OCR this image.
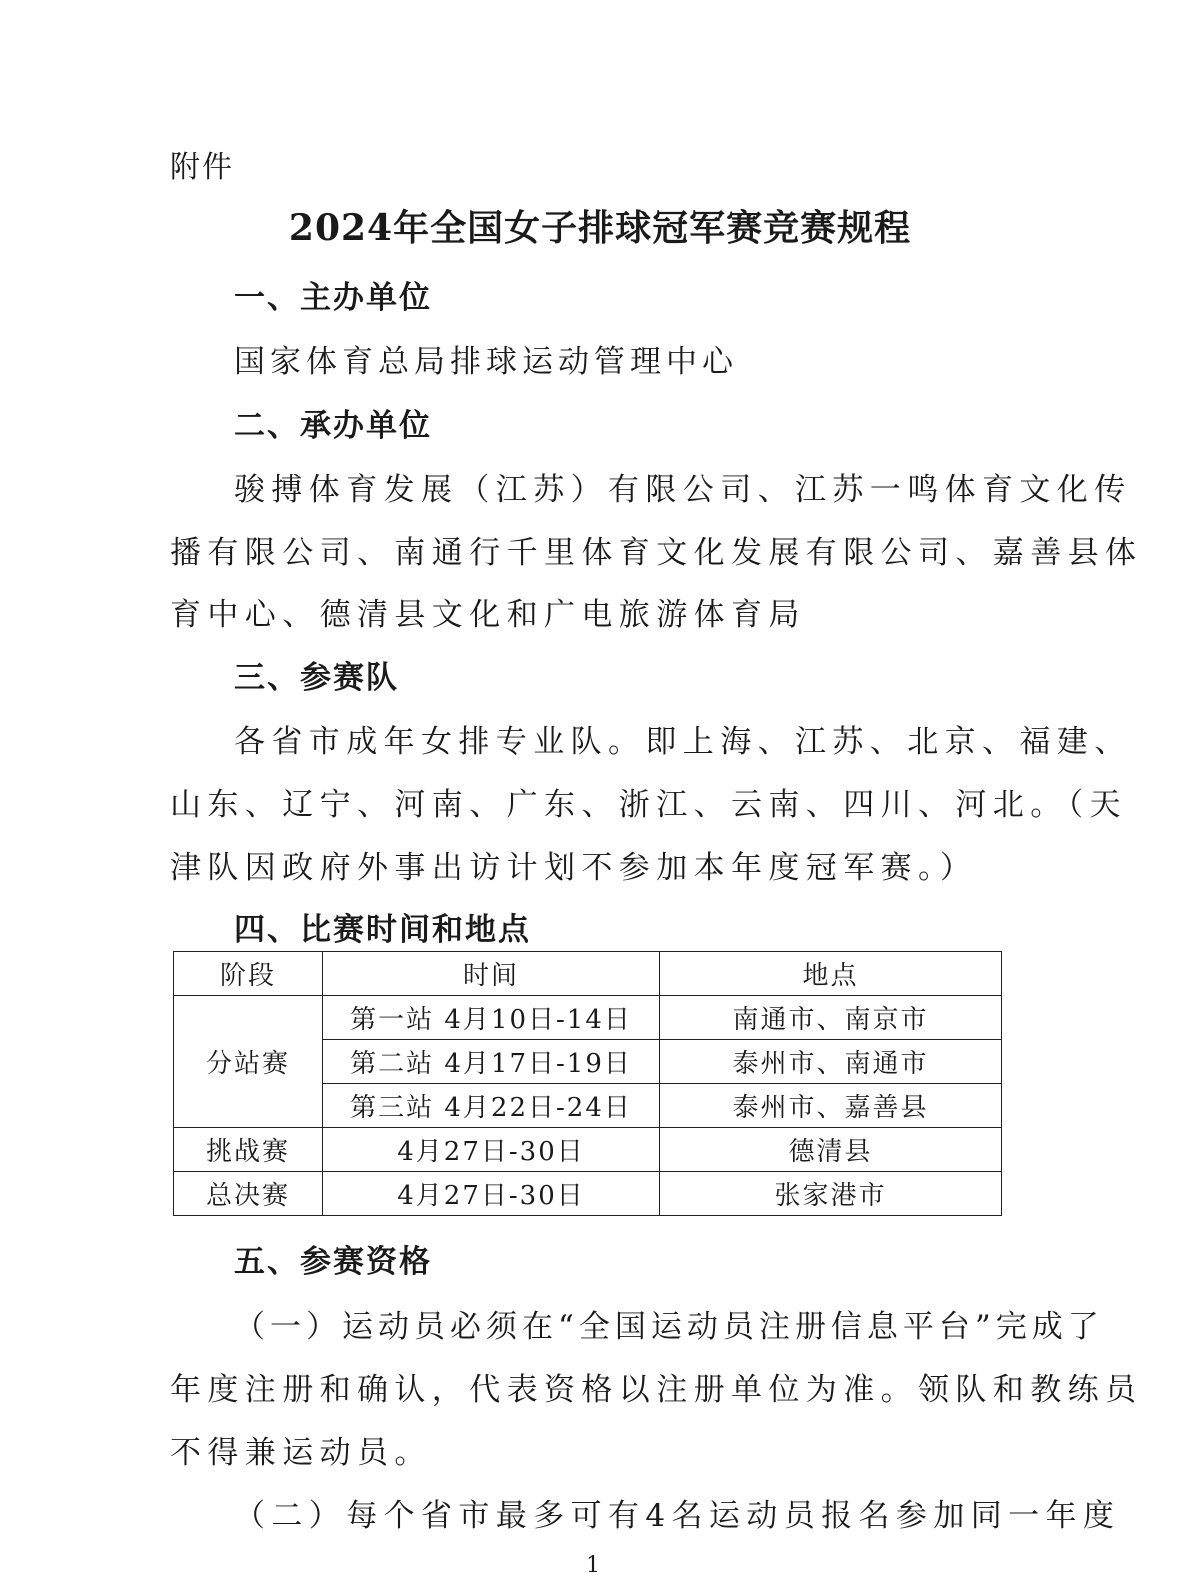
附件
2024年全国女子排球冠军赛竞赛规程
一、主办单位
国家体育总局排球运动管理中心
二、承办单位
骏搏体育发展（江苏）有限公司、江苏一鸣体育文化传
播有限公司、南通行千里体育文化发展有限公司、嘉善县体
育中心、德清县文化和广电旅游体育局
三、参赛队
各省市成年女排专业队。即上海、江苏、北京、福建、
山东、辽宁、河南、广东、浙江、云南、四川、河北。（天
津队因政府外事出访计划不参加本年度冠军赛。）
四、比赛时间和地点
阶段	时间	地点
分站赛	第一站 4月10日-14日	南通市、南京市
	第二站 4月17日-19日	泰州市、南通市
	第三站 4月22日-24日	泰州市、嘉善县
挑战赛	4月27日-30日	德清县
总决赛	4月27日-30日	张家港市
五、参赛资格
（一）运动员必须在“全国运动员注册信息平台”完成了
年度注册和确认，代表资格以注册单位为准。领队和教练员
不得兼运动员。
（二）每个省市最多可有4名运动员报名参加同一年度
1
